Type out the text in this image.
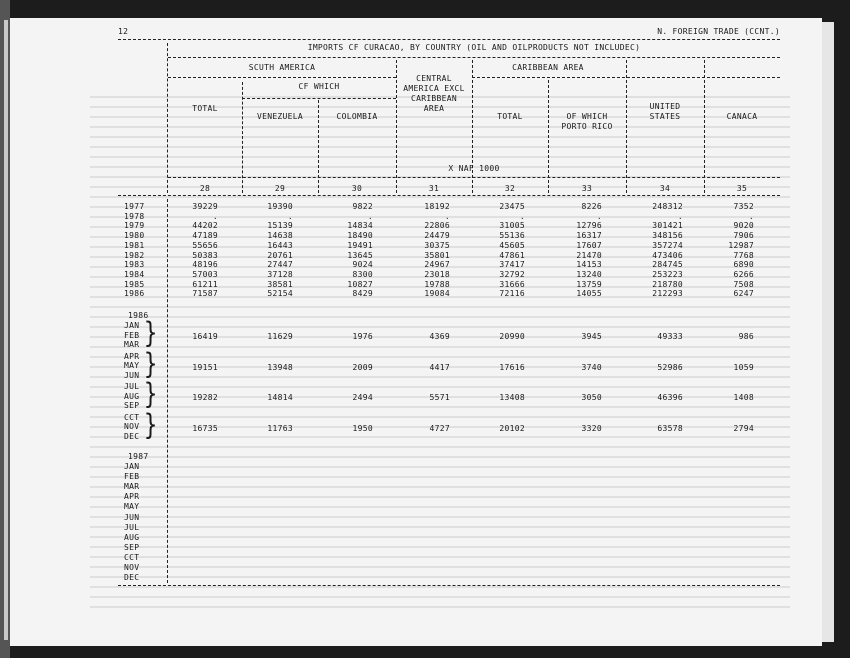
12	N. FOREIGN TRADE (CCNT.)
IMPORTS CF CURACAO, BY COUNTRY (OIL AND OILPRODUCTS NOT INCLUDEC)
SCUTH AMERICA	CARIBBEAN AREA
CF WHICH
CENTRAL
AMERICA EXCL
CARIBBEAN
AREA
TOTAL
VENEZUELA	COLOMBIA	TOTAL	OF WHICH
PORTO RICO
UNITED
STATES	CANACA
X NAF 1000
28	29	30	31	32	33	34	35
1986
1987
1977	39229	19390	9822	18192	23475	8226	248312	7352
1978	.	.	.	.	.	.	.	.
1979	44202	15139	14834	22806	31005	12796	301421	9020
1980	47189	14638	18490	24479	55136	16317	348156	7906
1981	55656	16443	19491	30375	45605	17607	357274	12987
1982	50383	20761	13645	35801	47861	21470	473406	7768
1983	48196	27447	9024	24967	37417	14153	284745	6890
1984	57003	37128	8300	23018	32792	13240	253223	6266
1985	61211	38581	10827	19788	31666	13759	218780	7508
1986	71587	52154	8429	19084	72116	14055	212293	6247
JAN
FEB
MAR }	16419	11629	1976	4369	20990	3945	49333	986
APR
MAY
JUN }	19151	13948	2009	4417	17616	3740	52986	1059
JUL
AUG
SEP }	19282	14814	2494	5571	13408	3050	46396	1408
CCT
NOV
DEC }	16735	11763	1950	4727	20102	3320	63578	2794
JAN
FEB
MAR
APR
MAY
JUN
JUL
AUG
SEP
CCT
NOV
DEC
